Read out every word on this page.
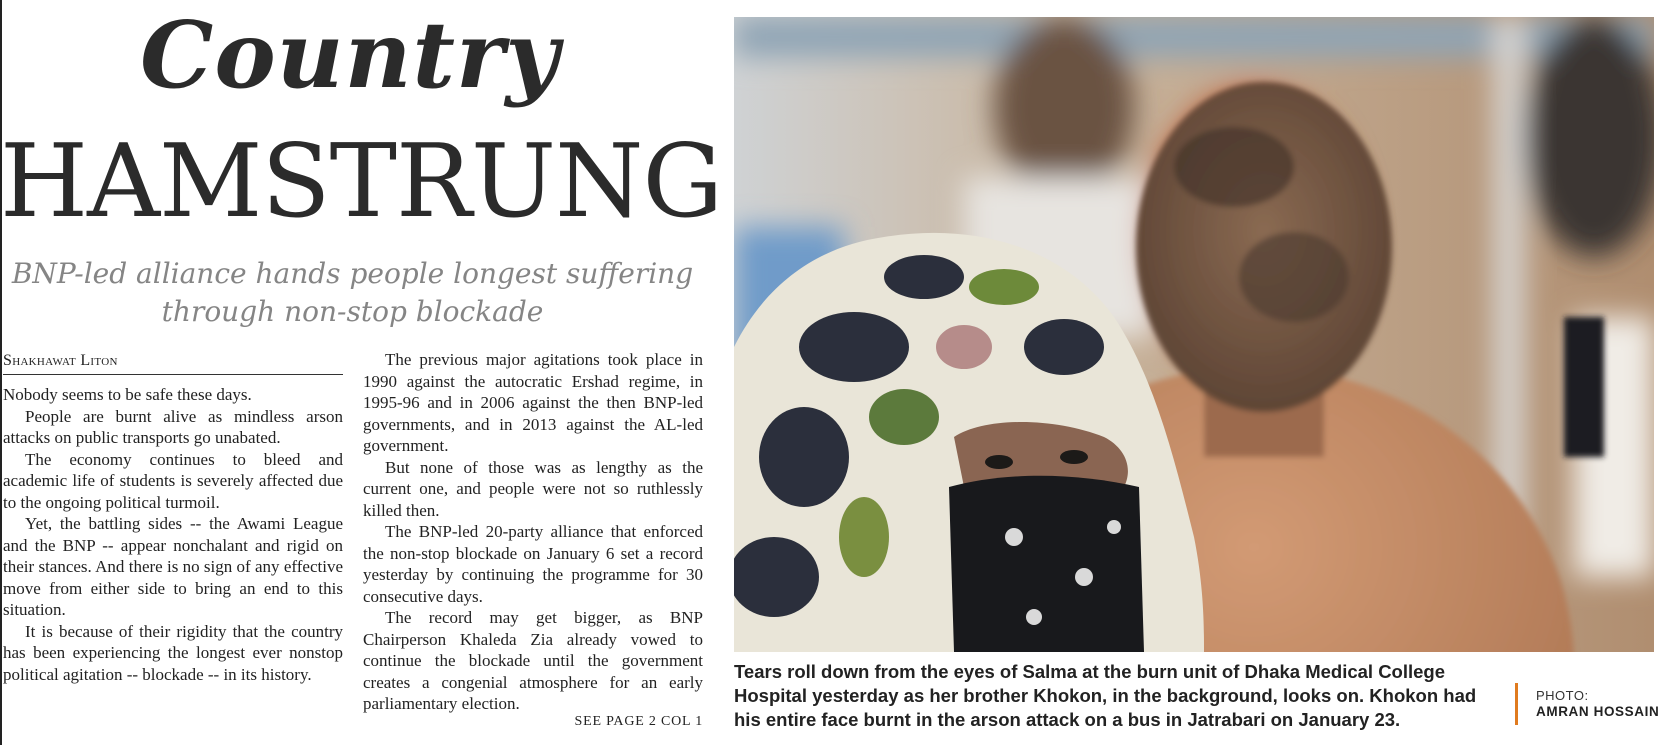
Country
HAMSTRUNG
BNP-led alliance hands people longest suffering through non-stop blockade
Shakhawat Liton

Nobody seems to be safe these days.

People are burnt alive as mindless arson attacks on public transports go unabated.

The economy continues to bleed and academic life of students is severely affected due to the ongoing political turmoil.

Yet, the battling sides -- the Awami League and the BNP -- appear nonchalant and rigid on their stances. And there is no sign of any effective move from either side to bring an end to this situation.

It is because of their rigidity that the country has been experiencing the longest ever nonstop political agitation -- blockade -- in its history.

The previous major agitations took place in 1990 against the autocratic Ershad regime, in 1995-96 and in 2006 against the then BNP-led governments, and in 2013 against the AL-led government.

But none of those was as lengthy as the current one, and people were not so ruthlessly killed then.

The BNP-led 20-party alliance that enforced the non-stop blockade on January 6 set a record yesterday by continuing the programme for 30 consecutive days.

The record may get bigger, as BNP Chairperson Khaleda Zia already vowed to continue the blockade until the government creates a congenial atmosphere for an early parliamentary election.

SEE PAGE 2 COL 1
Tears roll down from the eyes of Salma at the burn unit of Dhaka Medical College Hospital yesterday as her brother Khokon, in the background, looks on. Khokon had his entire face burnt in the arson attack on a bus in Jatrabari on January 23.
PHOTO:
AMRAN HOSSAIN
